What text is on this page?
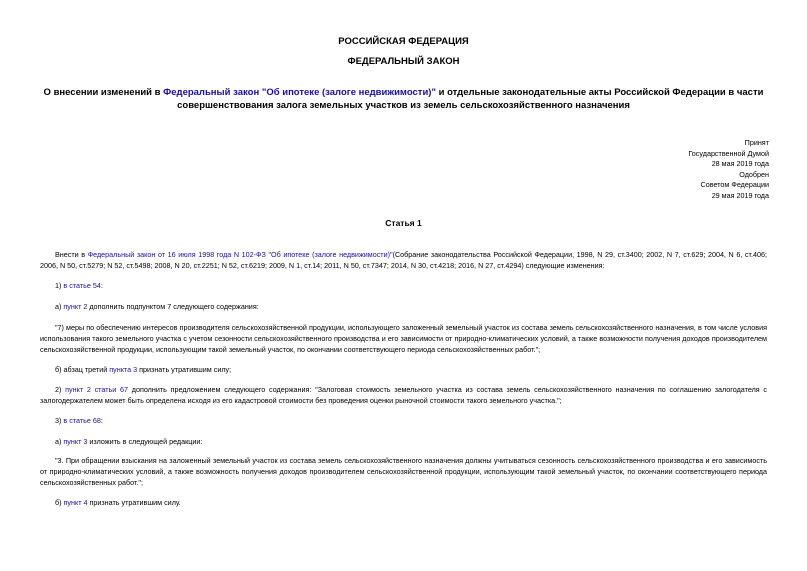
РОССИЙСКАЯ ФЕДЕРАЦИЯ
ФЕДЕРАЛЬНЫЙ ЗАКОН
О внесении изменений в Федеральный закон "Об ипотеке (залоге недвижимости)" и отдельные законодательные акты Российской Федерации в части совершенствования залога земельных участков из земель сельскохозяйственного назначения
Принят
Государственной Думой
28 мая 2019 года
Одобрен
Советом Федерации
29 мая 2019 года
Статья 1
Внести в Федеральный закон от 16 июля 1998 года N 102-ФЗ "Об ипотеке (залоге недвижимости)"(Собрание законодательства Российской Федерации, 1998, N 29, ст.3400; 2002, N 7, ст.629; 2004, N 6, ст.406; 2006, N 50, ст.5279; N 52, ст.5498; 2008, N 20, ст.2251; N 52, ст.6219; 2009, N 1, ст.14; 2011, N 50, ст.7347; 2014, N 30, ст.4218; 2016, N 27, ст.4294) следующие изменения:
1) в статье 54:
а) пункт 2 дополнить подпунктом 7 следующего содержания:
"7) меры по обеспечению интересов производителя сельскохозяйственной продукции, использующего заложенный земельный участок из состава земель сельскохозяйственного назначения, в том числе условия использования такого земельного участка с учетом сезонности сельскохозяйственного производства и его зависимости от природно-климатических условий, а также возможности получения доходов производителем сельскохозяйственной продукции, использующим такой земельный участок, по окончании соответствующего периода сельскохозяйственных работ.";
б) абзац третий пункта 3 признать утратившим силу;
2) пункт 2 статьи 67 дополнить предложением следующего содержания: "Залоговая стоимость земельного участка из состава земель сельскохозяйственного назначения по соглашению залогодателя с залогодержателем может быть определена исходя из его кадастровой стоимости без проведения оценки рыночной стоимости такого земельного участка.";
3) в статье 68:
а) пункт 3 изложить в следующей редакции:
"3. При обращении взыскания на заложенный земельный участок из состава земель сельскохозяйственного назначения должны учитываться сезонность сельскохозяйственного производства и его зависимость от природно-климатических условий, а также возможность получения доходов производителем сельскохозяйственной продукции, использующим такой земельный участок, по окончании соответствующего периода сельскохозяйственных работ.";
б) пункт 4 признать утратившим силу.
